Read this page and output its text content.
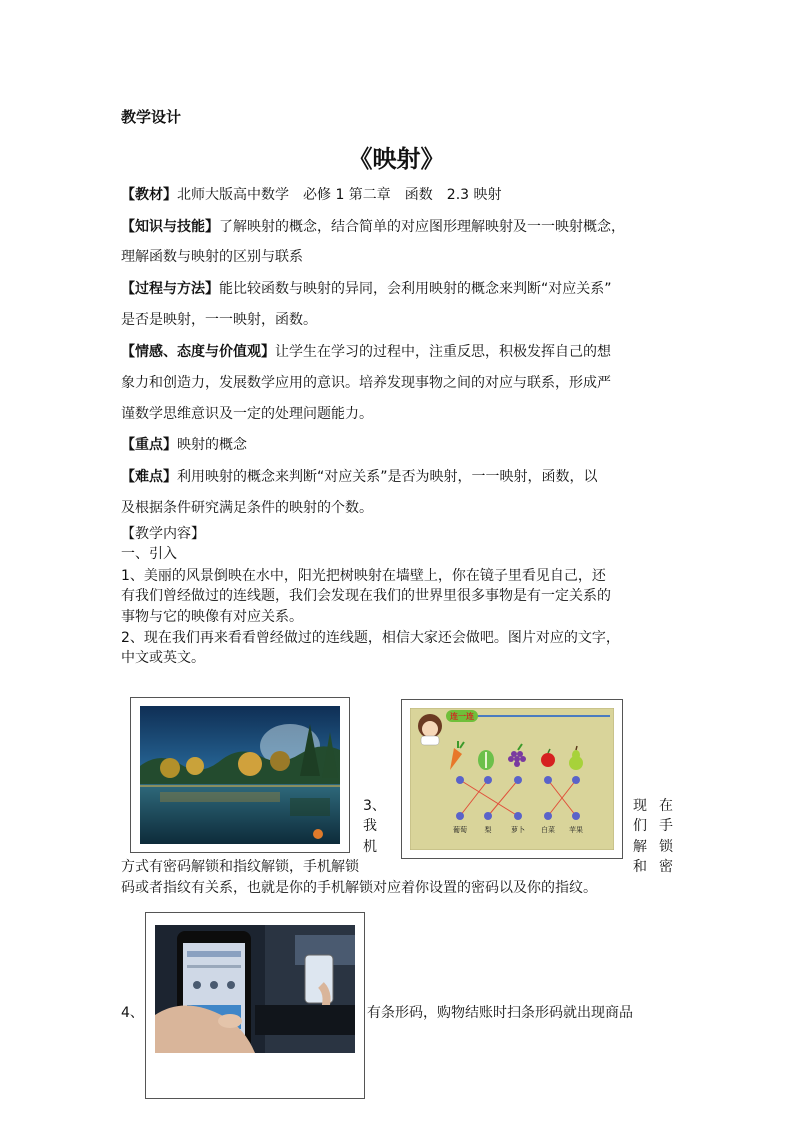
教学设计
《映射》
【教材】北师大版高中数学　必修 1 第二章　函数　2.3 映射
【知识与技能】了解映射的概念，结合简单的对应图形理解映射及一一映射概念，
理解函数与映射的区别与联系
【过程与方法】能比较函数与映射的异同，会利用映射的概念来判断“对应关系”
是否是映射，一一映射，函数。
【情感、态度与价值观】让学生在学习的过程中，注重反思，积极发挥自己的想
象力和创造力，发展数学应用的意识。培养发现事物之间的对应与联系，形成严
谨数学思维意识及一定的处理问题能力。
【重点】映射的概念
【难点】利用映射的概念来判断“对应关系”是否为映射，一一映射，函数，以
及根据条件研究满足条件的映射的个数。
【教学内容】
一、引入
1、美丽的风景倒映在水中，阳光把树映射在墙壁上，你在镜子里看见自己，还
有我们曾经做过的连线题，我们会发现在我们的世界里很多事物是有一定关系的
事物与它的映像有对应关系。
2、现在我们再来看看曾经做过的连线题，相信大家还会做吧。图片对应的文字，
中文或英文。
3、
我
机
现 在
们 手
解 锁
和 密
方式有密码解锁和指纹解锁，手机解锁
码或者指纹有关系，也就是你的手机解锁对应着你设置的密码以及你的指纹。
连一连
葡萄	梨	萝卜 白菜 苹果
4、	有条形码，购物结账时扫条形码就出现商品
